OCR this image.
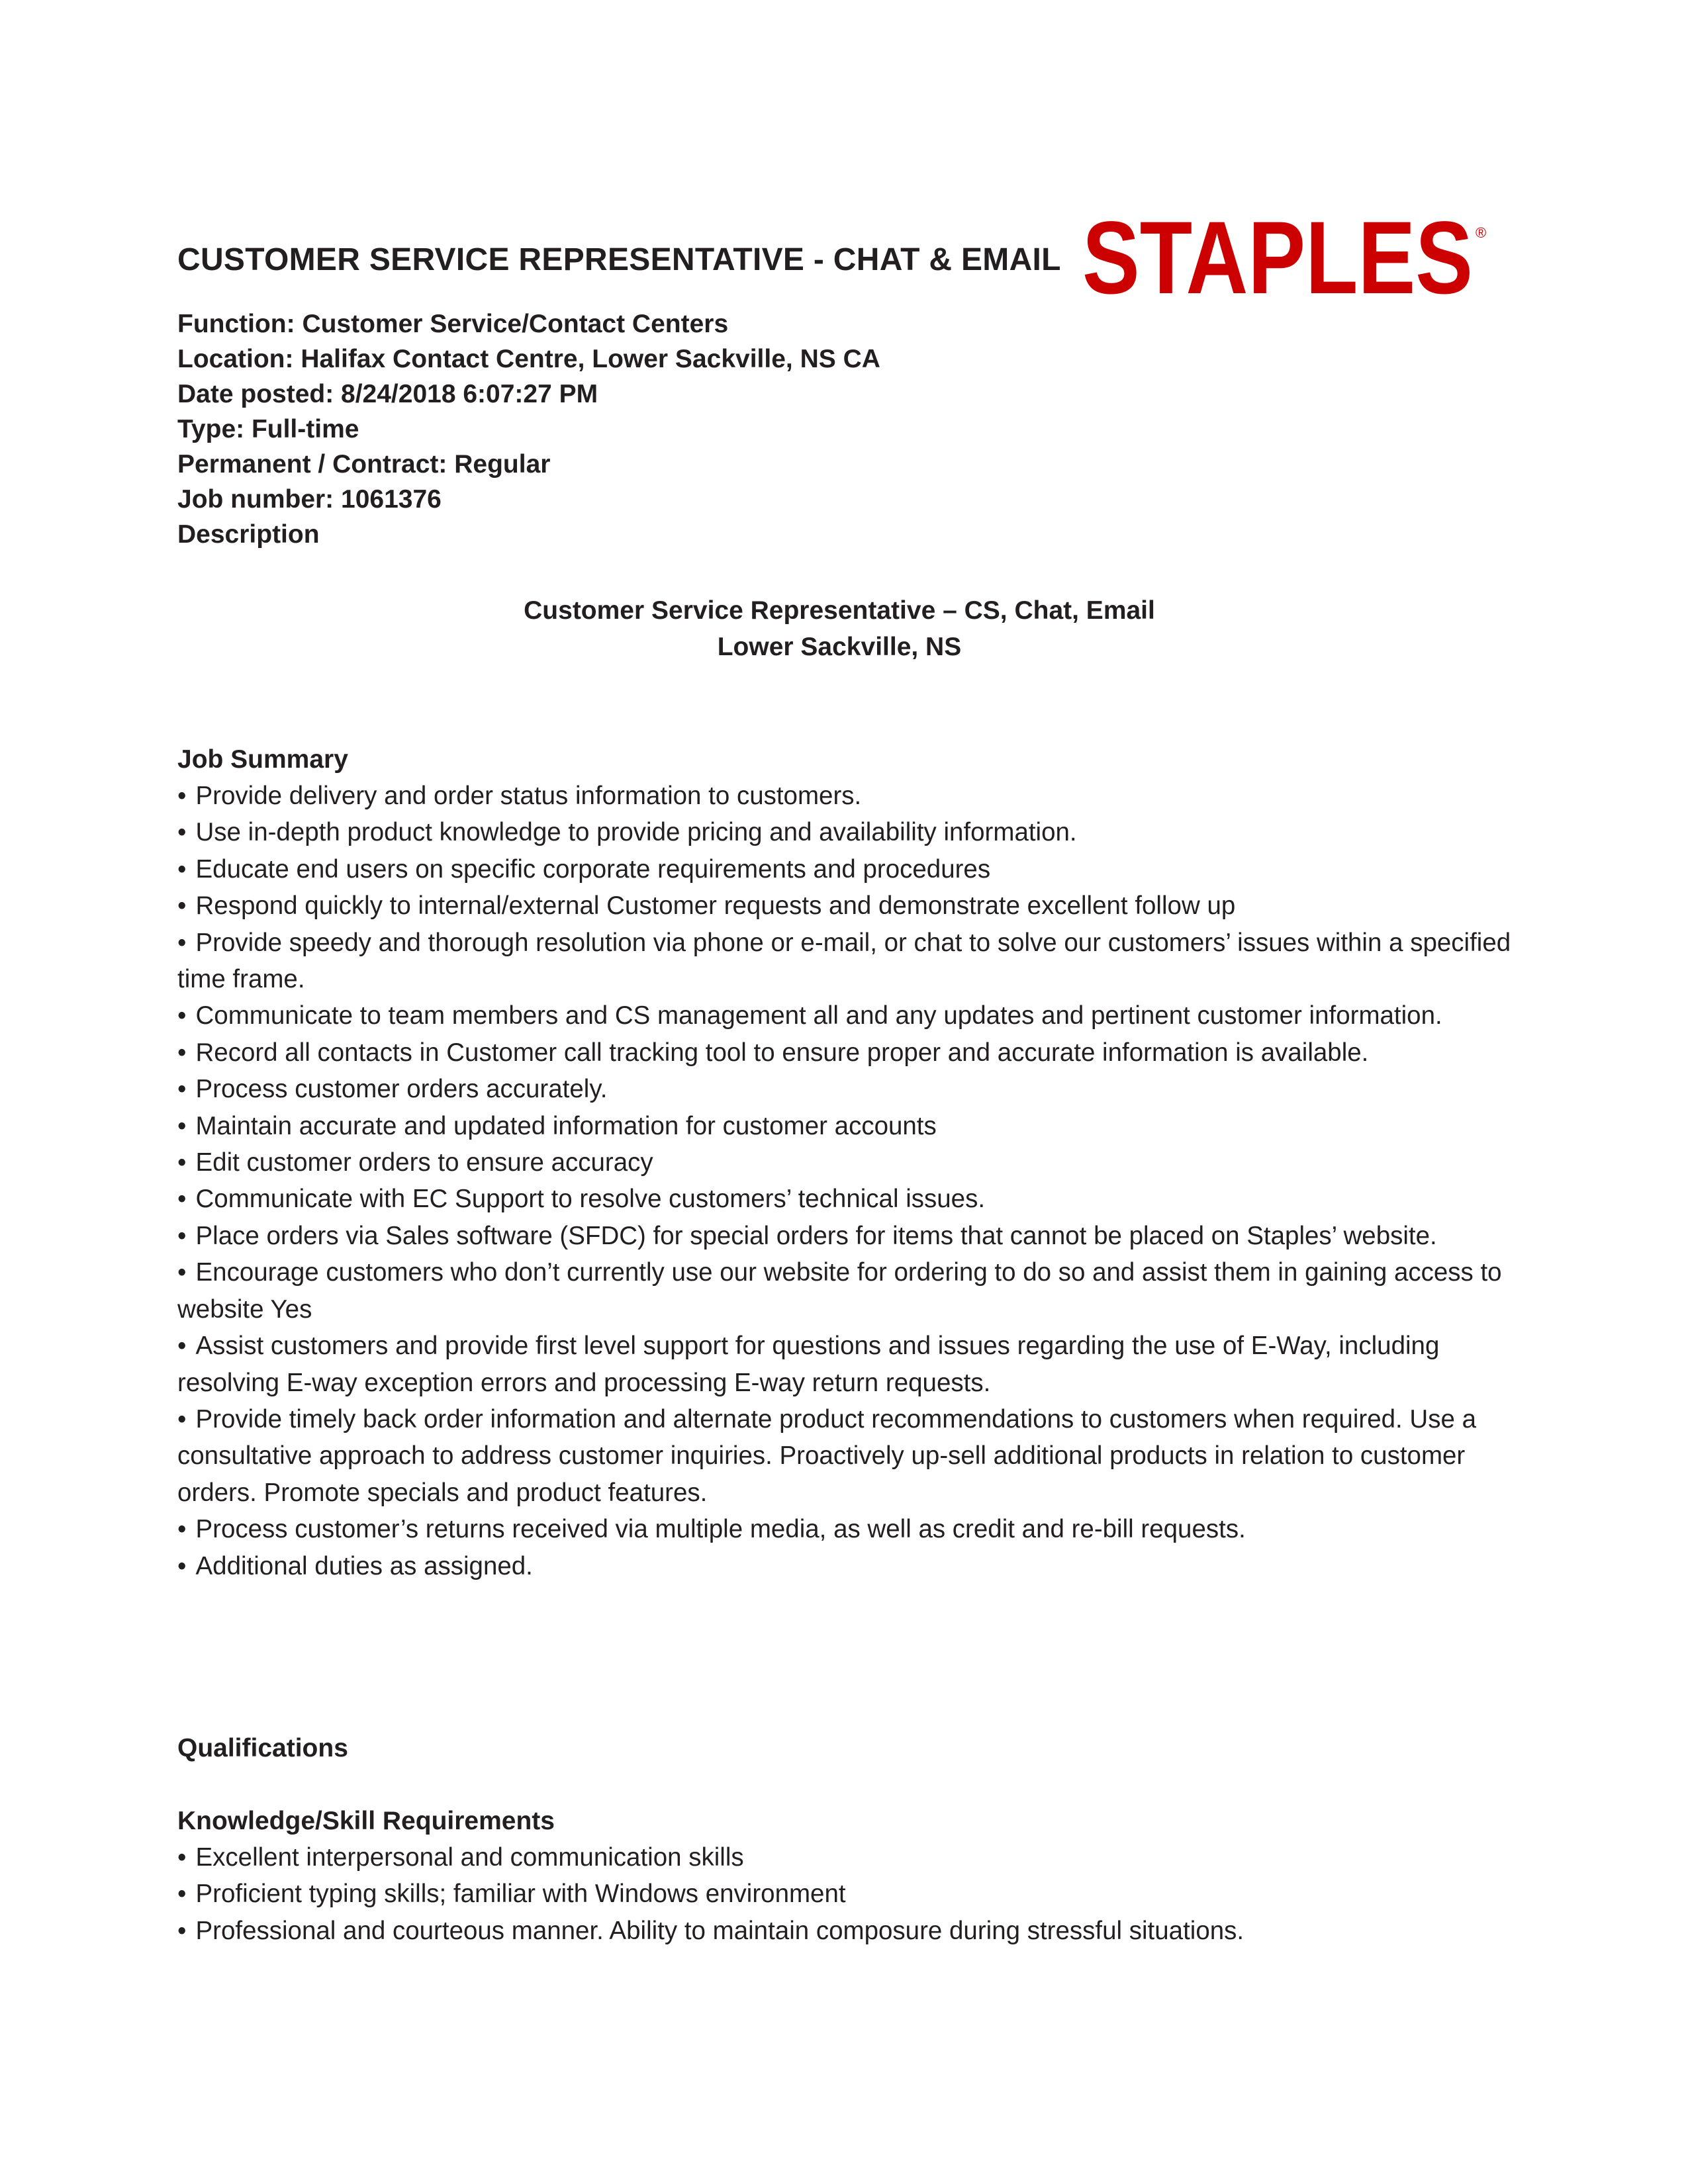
CUSTOMER SERVICE REPRESENTATIVE - CHAT & EMAIL STAPLES ®
Function: Customer Service/Contact Centers
Location: Halifax Contact Centre, Lower Sackville, NS CA
Date posted: 8/24/2018 6:07:27 PM
Type: Full-time
Permanent / Contract: Regular
Job number: 1061376
Description
Customer Service Representative – CS, Chat, Email
Lower Sackville, NS
Job Summary
• Provide delivery and order status information to customers.
• Use in-depth product knowledge to provide pricing and availability information.
• Educate end users on specific corporate requirements and procedures
• Respond quickly to internal/external Customer requests and demonstrate excellent follow up
• Provide speedy and thorough resolution via phone or e-mail, or chat to solve our customers’ issues within a specified time frame.
• Communicate to team members and CS management all and any updates and pertinent customer information.
• Record all contacts in Customer call tracking tool to ensure proper and accurate information is available.
• Process customer orders accurately.
• Maintain accurate and updated information for customer accounts
• Edit customer orders to ensure accuracy
• Communicate with EC Support to resolve customers’ technical issues.
• Place orders via Sales software (SFDC) for special orders for items that cannot be placed on Staples’ website.
• Encourage customers who don’t currently use our website for ordering to do so and assist them in gaining access to website Yes
• Assist customers and provide first level support for questions and issues regarding the use of E-Way, including resolving E-way exception errors and processing E-way return requests.
• Provide timely back order information and alternate product recommendations to customers when required. Use a consultative approach to address customer inquiries. Proactively up-sell additional products in relation to customer orders. Promote specials and product features.
• Process customer’s returns received via multiple media, as well as credit and re-bill requests.
• Additional duties as assigned.
Qualifications
Knowledge/Skill Requirements
• Excellent interpersonal and communication skills
• Proficient typing skills; familiar with Windows environment
• Professional and courteous manner. Ability to maintain composure during stressful situations.
